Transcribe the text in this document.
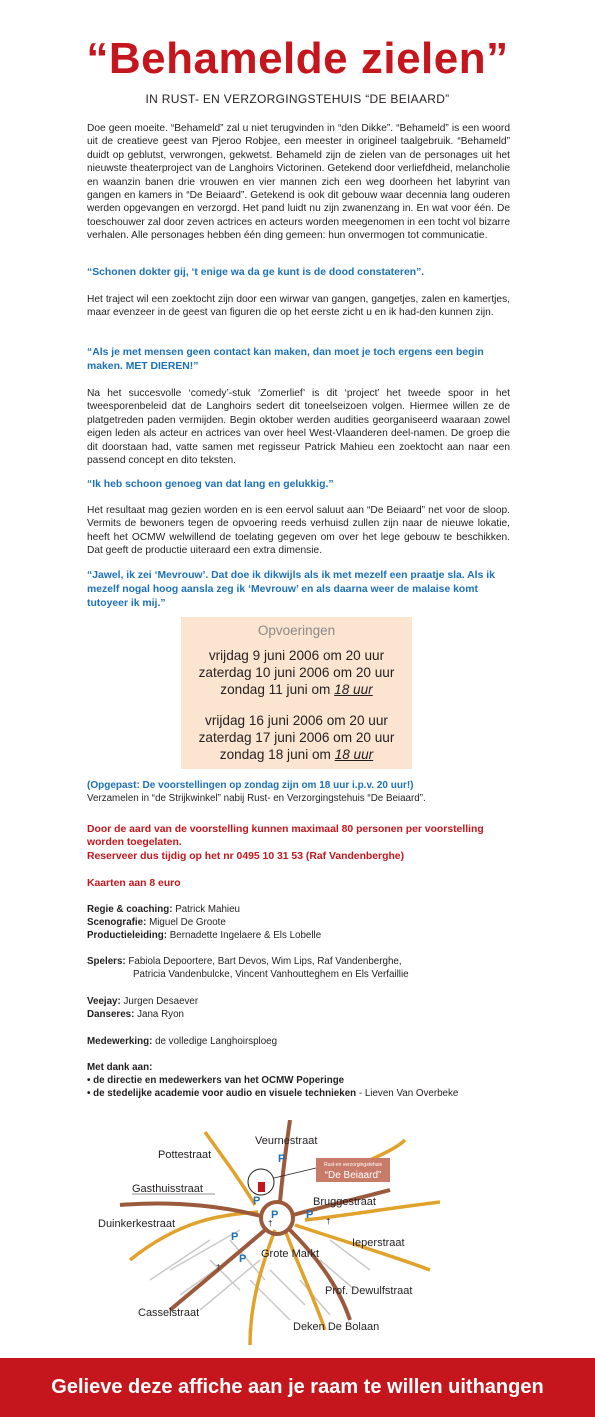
“Behamelde zielen”
IN RUST- EN VERZORGINGSTEHUIS “DE BEIAARD”

Doe geen moeite. “Behameld” zal u niet terugvinden in “den Dikke”. “Behameld” is een woord uit de creatieve geest van Pjeroo Robjee, een meester in origineel taalgebruik. “Behameld” duidt op geblutst, verwrongen, gekwetst. Behameld zijn de zielen van de personages uit het nieuwste theaterproject van de Langhoirs Victorinen. Getekend door verliefdheid, melancholie en waanzin banen drie vrouwen en vier mannen zich een weg doorheen het labyrint van gangen en kamers in “De Beiaard”. Getekend is ook dit gebouw waar decennia lang ouderen werden opgevangen en verzorgd. Het pand luidt nu zijn zwanenzang in. En wat voor één. De toeschouwer zal door zeven actrices en acteurs worden meegenomen in een tocht vol bizarre verhalen. Alle personages hebben één ding gemeen: hun onvermogen tot communicatie.

“Schonen dokter gij, ‘t enige wa da ge kunt is de dood constateren”.

Het traject wil een zoektocht zijn door een wirwar van gangen, gangetjes, zalen en kamertjes, maar evenzeer in de geest van figuren die op het eerste zicht u en ik had-den kunnen zijn.

“Als je met mensen geen contact kan maken, dan moet je toch ergens een begin maken. MET DIEREN!”

Na het succesvolle ‘comedy’-stuk ‘Zomerlief’ is dit ‘project’ het tweede spoor in het tweesporenbeleid dat de Langhoirs sedert dit toneelseizoen volgen. Hiermee willen ze de platgetreden paden vermijden. Begin oktober werden audities georganiseerd waaraan zowel eigen leden als acteur en actrices van over heel West-Vlaanderen deel-namen. De groep die dit doorstaan had, vatte samen met regisseur Patrick Mahieu een zoektocht aan naar een passend concept en dito teksten.

“Ik heb schoon genoeg van dat lang en gelukkig.”

Het resultaat mag gezien worden en is een eervol saluut aan “De Beiaard” net voor de sloop. Vermits de bewoners tegen de opvoering reeds verhuisd zullen zijn naar de nieuwe lokatie, heeft het OCMW welwillend de toelating gegeven om over het lege gebouw te beschikken. Dat geeft de productie uiteraard een extra dimensie.

“Jawel, ik zei ‘Mevrouw’. Dat doe ik dikwijls als ik met mezelf een praatje sla. Als ik mezelf nogal hoog aansla zeg ik ‘Mevrouw’ en als daarna weer de malaise komt tutoyeer ik mij.”

Opvoeringen
vrijdag 9 juni 2006 om 20 uur
zaterdag 10 juni 2006 om 20 uur
zondag 11 juni om 18 uur
vrijdag 16 juni 2006 om 20 uur
zaterdag 17 juni 2006 om 20 uur
zondag 18 juni om 18 uur

(Opgepast: De voorstellingen op zondag zijn om 18 uur i.p.v. 20 uur!)

Verzamelen in “de Strijkwinkel” nabij Rust- en Verzorgingstehuis “De Beiaard”.

Door de aard van de voorstelling kunnen maximaal 80 personen per voorstelling worden toegelaten.

Reserveer dus tijdig op het nr 0495 10 31 53 (Raf Vandenberghe)

Kaarten aan 8 euro

Regie & coaching: Patrick Mahieu

Scenografie: Miguel De Groote

Productieleiding: Bernadette Ingelaere & Els Lobelle

Spelers: Fabiola Depoortere, Bart Devos, Wim Lips, Raf Vandenberghe,

Patricia Vandenbulcke, Vincent Vanhoutteghem en Els Verfaillie

Veejay: Jurgen Desaever

Danseres: Jana Ryon

Medewerking: de volledige Langhoirsploeg

Met dank aan:

• de directie en medewerkers van het OCMW Poperinge

• de stedelijke academie voor audio en visuele technieken - Lieven Van Overbeke

Rust-en verzorgingstehuis
“De Beiaard”
P
P
P	P
P
P
†	†
†
Veurnestraat
Pottestraat
Gasthuisstraat
Duinkerkestraat
Bruggestraat
Ieperstraat
Grote Markt
Prof. Dewulfstraat
Casselstraat
Deken De Bolaan
Gelieve deze affiche aan je raam te willen uithangen
